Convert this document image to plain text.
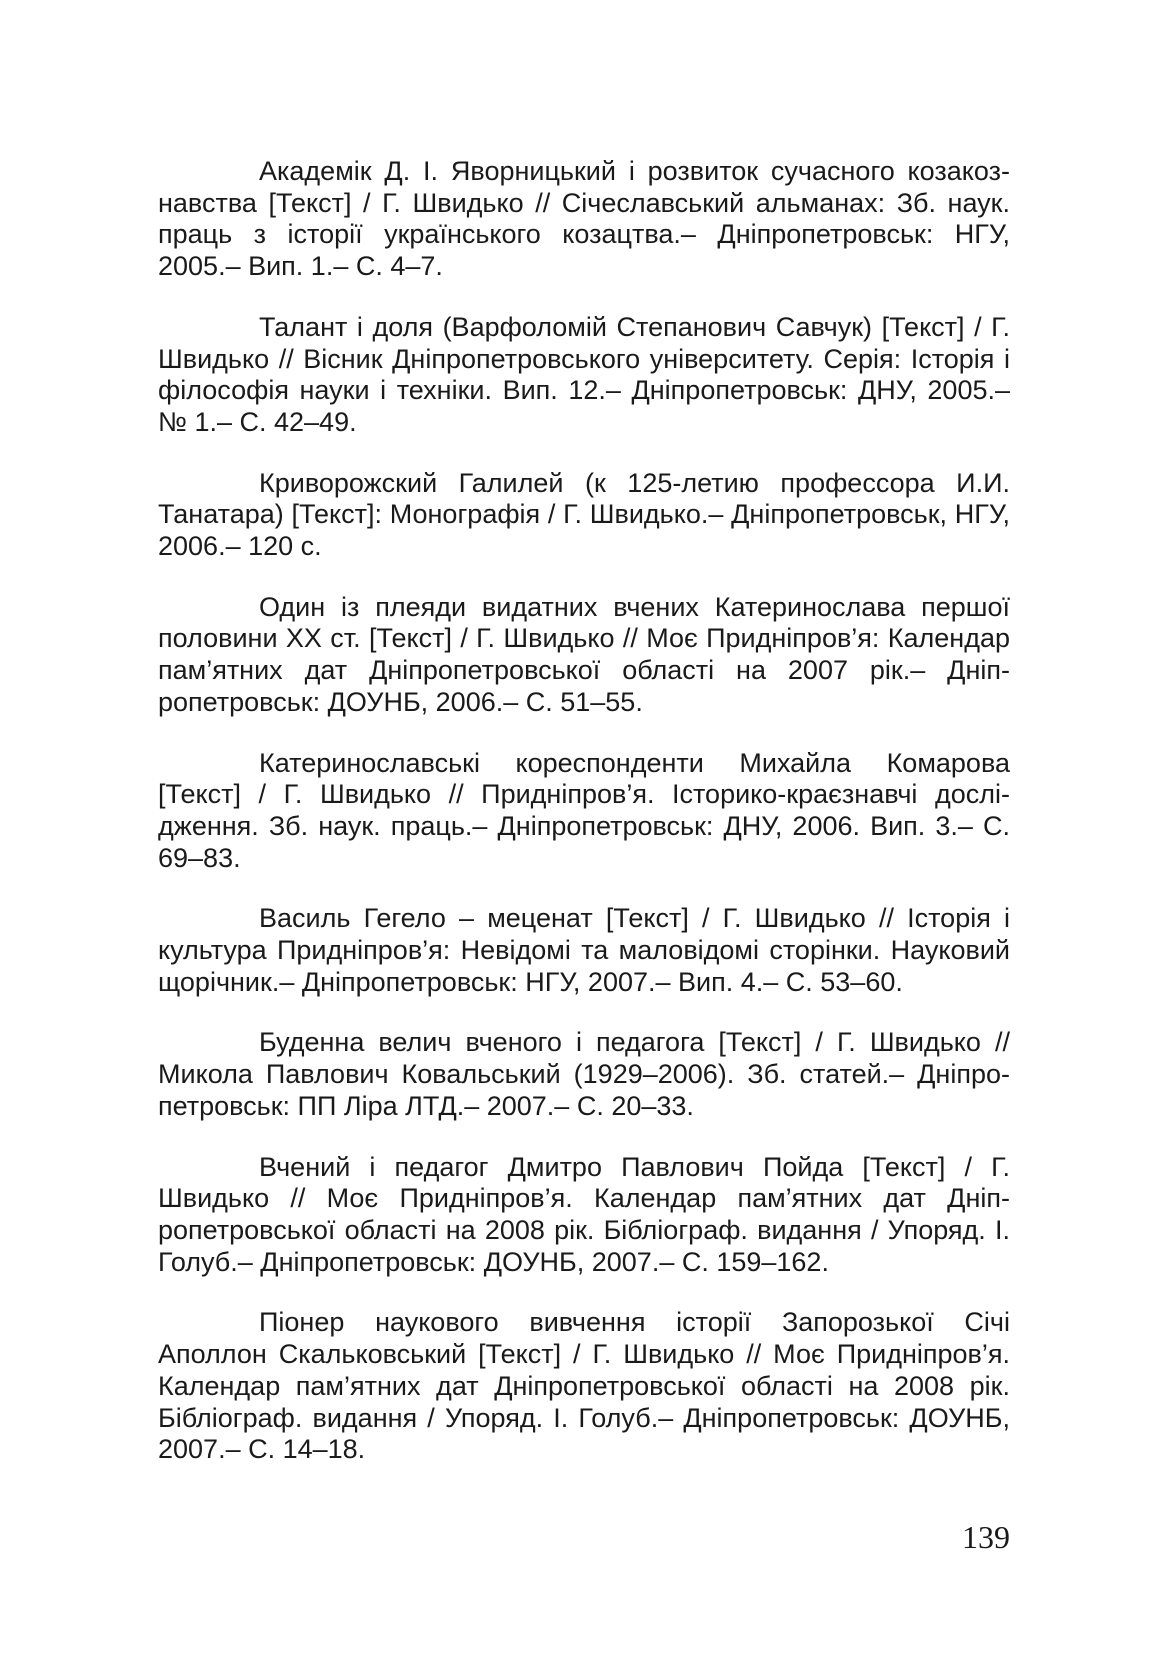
Академік Д. І. Яворницький і розвиток сучасного козакознавства [Текст] / Г. Швидько // Січеславський альманах: Зб. наук. праць з історії українського козацтва.– Дніпропетровськ: НГУ, 2005.– Вип. 1.– С. 4–7.

Талант і доля (Варфоломій Степанович Савчук) [Текст] / Г. Швидько // Вісник Дніпропетровського університету. Серія: Історія і філософія науки і техніки. Вип. 12.– Дніпропетровськ: ДНУ, 2005.– № 1.– С. 42–49.

Криворожский Галилей (к 125-летию профессора И.И. Танатара) [Текст]: Монографія / Г. Швидько.– Дніпропетровськ, НГУ, 2006.– 120 с.

Один із плеяди видатних вчених Катеринослава першої половини ХХ ст. [Текст] / Г. Швидько // Моє Придніпров’я: Календар пам’ятних дат Дніпропетровської області на 2007 рік.– Дніпропетровськ: ДОУНБ, 2006.– С. 51–55.

Катеринославські кореспонденти Михайла Комарова [Текст] / Г. Швидько // Придніпров’я. Історико-краєзнавчі дослідження. Зб. наук. праць.– Дніпропетровськ: ДНУ, 2006. Вип. 3.– С. 69–83.

Василь Гегело – меценат [Текст] / Г. Швидько // Історія і культура Придніпров’я: Невідомі та маловідомі сторінки. Науковий щорічник.– Дніпропетровськ: НГУ, 2007.– Вип. 4.– С. 53–60.

Буденна велич вченого і педагога [Текст] / Г. Швидько // Микола Павлович Ковальський (1929–2006). Зб. статей.– Дніпропетровськ: ПП Ліра ЛТД.– 2007.– С. 20–33.

Вчений і педагог Дмитро Павлович Пойда [Текст] / Г. Швидько // Моє Придніпров’я. Календар пам’ятних дат Дніпропетровської області на 2008 рік. Бібліограф. видання / Упоряд. І. Голуб.– Дніпропетровськ: ДОУНБ, 2007.– С. 159–162.

Піонер наукового вивчення історії Запорозької Січі Аполлон Скальковський [Текст] / Г. Швидько // Моє Придніпров’я. Календар пам’ятних дат Дніпропетровської області на 2008 рік. Бібліограф. видання / Упоряд. І. Голуб.– Дніпропетровськ: ДОУНБ, 2007.– С. 14–18.

139
